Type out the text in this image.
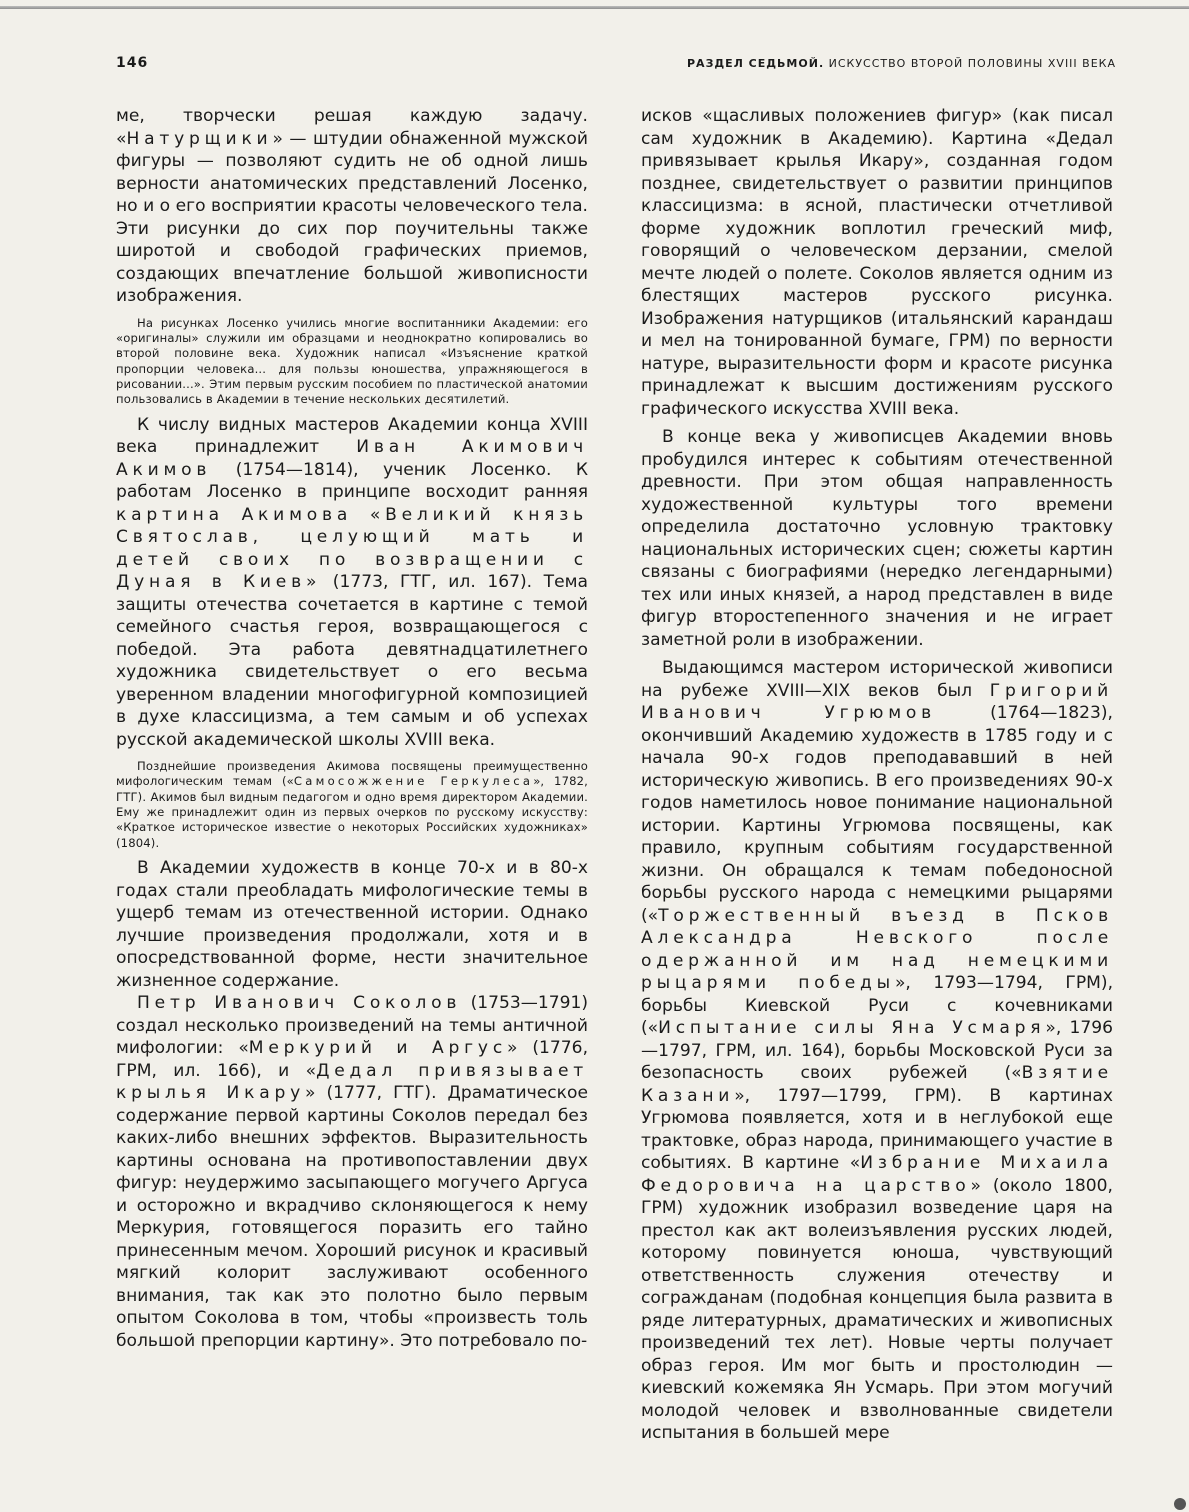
146	РАЗДЕЛ СЕДЬМОЙ. ИСКУССТВО ВТОРОЙ ПОЛОВИНЫ XVIII ВЕКА

ме, творчески решая каждую задачу. «Натурщики» — штудии обнаженной мужской фигуры — позволяют судить не об одной лишь верности анатомических представлений Лосенко, но и о его восприятии красоты человеческого тела. Эти рисунки до сих пор поучительны также широтой и свободой графических приемов, создающих впечатление большой живописности изображения.

На рисунках Лосенко учились многие воспитанники Академии: его «оригиналы» служили им образцами и неоднократно копировались во второй половине века. Художник написал «Изъяснение краткой пропорции человека... для пользы юношества, упражняющегося в рисовании...». Этим первым русским пособием по пластической анатомии пользовались в Академии в течение нескольких десятилетий.

К числу видных мастеров Академии конца XVIII века принадлежит Иван Акимович Акимов (1754—1814), ученик Лосенко. К работам Лосенко в принципе восходит ранняя картина Акимова «Великий князь Святослав, целующий мать и детей своих по возвращении с Дуная в Киев» (1773, ГТГ, ил. 167). Тема защиты отечества сочетается в картине с темой семейного счастья героя, возвращающегося с победой. Эта работа девятнадцатилетнего художника свидетельствует о его весьма уверенном владении многофигурной композицией в духе классицизма, а тем самым и об успехах русской академической школы XVIII века.

Позднейшие произведения Акимова посвящены преимущественно мифологическим темам («Самосожжение Геркулеса», 1782, ГТГ). Акимов был видным педагогом и одно время директором Академии. Ему же принадлежит один из первых очерков по русскому искусству: «Краткое историческое известие о некоторых Российских художниках» (1804).

В Академии художеств в конце 70-х и в 80-х годах стали преобладать мифологические темы в ущерб темам из отечественной истории. Однако лучшие произведения продолжали, хотя и в опосредствованной форме, нести значительное жизненное содержание.

Петр Иванович Соколов (1753—1791) создал несколько произведений на темы античной мифологии: «Меркурий и Аргус» (1776, ГРМ, ил. 166), и «Дедал привязывает крылья Икару» (1777, ГТГ). Драматическое содержание первой картины Соколов передал без каких-либо внешних эффектов. Выразительность картины основана на противопоставлении двух фигур: неудержимо засыпающего могучего Аргуса и осторожно и вкрадчиво склоняющегося к нему Меркурия, готовящегося поразить его тайно принесенным мечом. Хороший рисунок и красивый мягкий колорит заслуживают особенного внимания, так как это полотно было первым опытом Соколова в том, чтобы «произвесть толь большой препорции картину». Это потребовало по-

исков «щасливых положениев фигур» (как писал сам художник в Академию). Картина «Дедал привязывает крылья Икару», созданная годом позднее, свидетельствует о развитии принципов классицизма: в ясной, пластически отчетливой форме художник воплотил греческий миф, говорящий о человеческом дерзании, смелой мечте людей о полете. Соколов является одним из блестящих мастеров русского рисунка. Изображения натурщиков (итальянский карандаш и мел на тонированной бумаге, ГРМ) по верности натуре, выразительности форм и красоте рисунка принадлежат к высшим достижениям русского графического искусства XVIII века.

В конце века у живописцев Академии вновь пробудился интерес к событиям отечественной древности. При этом общая направленность художественной культуры того времени определила достаточно условную трактовку национальных исторических сцен; сюжеты картин связаны с биографиями (нередко легендарными) тех или иных князей, а народ представлен в виде фигур второстепенного значения и не играет заметной роли в изображении.

Выдающимся мастером исторической живописи на рубеже XVIII—XIX веков был Григорий Иванович Угрюмов (1764—1823), окончивший Академию художеств в 1785 году и с начала 90-х годов преподававший в ней историческую живопись. В его произведениях 90-х годов наметилось новое понимание национальной истории. Картины Угрюмова посвящены, как правило, крупным событиям государственной жизни. Он обращался к темам победоносной борьбы русского народа с немецкими рыцарями («Торжественный въезд в Псков Александра Невского после одержанной им над немецкими рыцарями победы», 1793—1794, ГРМ), борьбы Киевской Руси с кочевниками («Испытание силы Яна Усмаря», 1796—1797, ГРМ, ил. 164), борьбы Московской Руси за безопасность своих рубежей («Взятие Казани», 1797—1799, ГРМ). В картинах Угрюмова появляется, хотя и в неглубокой еще трактовке, образ народа, принимающего участие в событиях. В картине «Избрание Михаила Федоровича на царство» (около 1800, ГРМ) художник изобразил возведение царя на престол как акт волеизъявления русских людей, которому повинуется юноша, чувствующий ответственность служения отечеству и согражданам (подобная концепция была развита в ряде литературных, драматических и живописных произведений тех лет). Новые черты получает образ героя. Им мог быть и простолюдин — киевский кожемяка Ян Усмарь. При этом могучий молодой человек и взволнованные свидетели испытания в большей мере
